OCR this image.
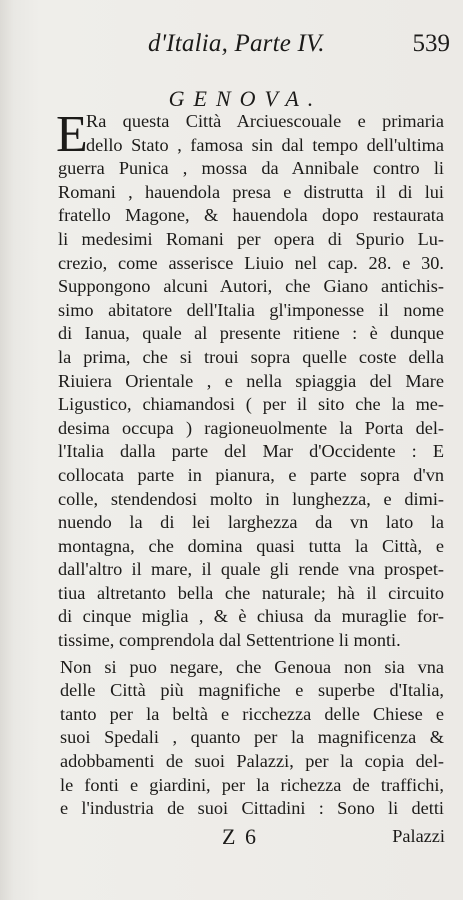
d'Italia, Parte IV.	539
GENOVA.
E
Ra questa Città Arciuescouale e primaria
dello Stato , famosa sin dal tempo dell'ultima
guerra Punica , mossa da Annibale contro li
Romani , hauendola presa e distrutta il di lui
fratello Magone, & hauendola dopo restaurata
li medesimi Romani per opera di Spurio Lu-
crezio, come asserisce Liuio nel cap. 28. e 30.
Suppongono alcuni Autori, che Giano antichis-
simo abitatore dell'Italia gl'imponesse il nome
di Ianua, quale al presente ritiene : è dunque
la prima, che si troui sopra quelle coste della
Riuiera Orientale , e nella spiaggia del Mare
Ligustico, chiamandosi ( per il sito che la me-
desima occupa ) ragioneuolmente la Porta del-
l'Italia dalla parte del Mar d'Occidente : E
collocata parte in pianura, e parte sopra d'vn
colle, stendendosi molto in lunghezza, e dimi-
nuendo la di lei larghezza da vn lato la
montagna, che domina quasi tutta la Città, e
dall'altro il mare, il quale gli rende vna prospet-
tiua altretanto bella che naturale; hà il circuito
di cinque miglia , & è chiusa da muraglie for-
tissime, comprendola dal Settentrione li monti.
Non si puo negare, che Genoua non sia vna
delle Città più magnifiche e superbe d'Italia,
tanto per la beltà e ricchezza delle Chiese e
suoi Spedali , quanto per la magnificenza &
adobbamenti de suoi Palazzi, per la copia del-
le fonti e giardini, per la richezza de traffichi,
e l'industria de suoi Cittadini : Sono li detti
Z 6	Palazzi
